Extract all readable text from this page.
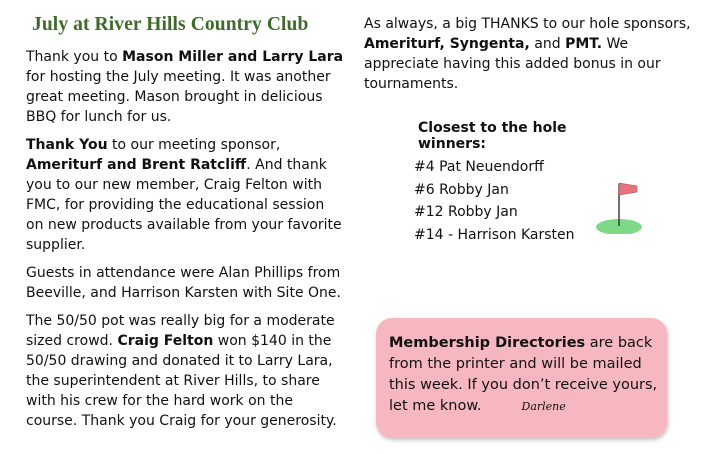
July at River Hills Country Club

Thank you to Mason Miller and Larry Lara for hosting the July meeting. It was another great meeting. Mason brought in delicious BBQ for lunch for us.

Thank You to our meeting sponsor, Ameriturf and Brent Ratcliff. And thank you to our new member, Craig Felton with FMC, for providing the educational session on new products available from your favorite supplier.

Guests in attendance were Alan Phillips from Beeville, and Harrison Karsten with Site One.

The 50/50 pot was really big for a moderate sized crowd. Craig Felton won $140 in the 50/50 drawing and donated it to Larry Lara, the superintendent at River Hills, to share with his crew for the hard work on the course. Thank you Craig for your generosity.

As always, a big THANKS to our hole sponsors, Ameriturf, Syngenta, and PMT. We appreciate having this added bonus in our tournaments.

Closest to the hole winners:
#4 Pat Neuendorff
#6 Robby Jan
#12 Robby Jan
#14 - Harrison Karsten
Membership Directories are back from the printer and will be mailed this week. If you don’t receive yours, let me know.	Darlene
